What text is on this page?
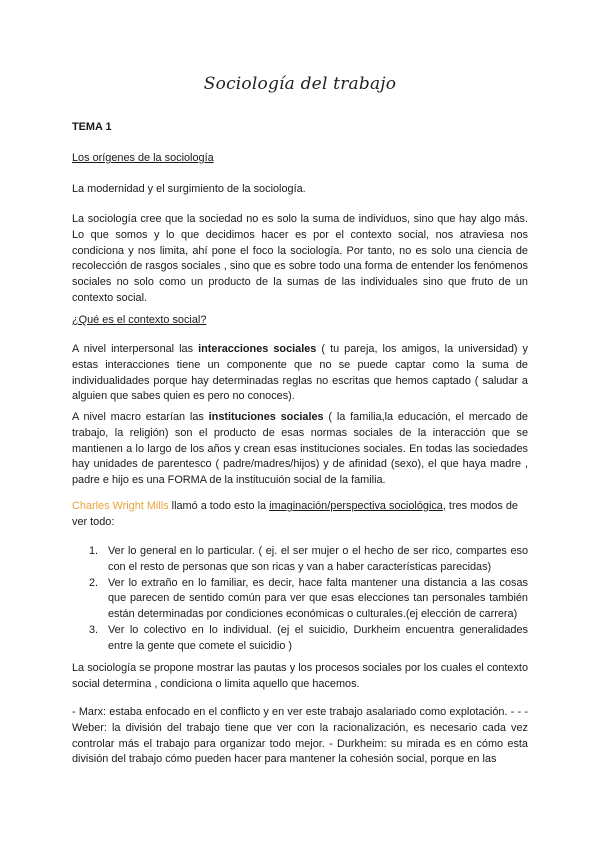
Sociología del trabajo
TEMA 1
Los orígenes de la sociología
La modernidad y el surgimiento de la sociología.
La sociología cree que la sociedad no es solo la suma de individuos, sino que hay algo más. Lo que somos y lo que decidimos hacer es por el contexto social, nos atraviesa nos condiciona y nos limita, ahí pone el foco la sociología. Por tanto, no es solo una ciencia de recolección de rasgos sociales , sino que es sobre todo una forma de entender los fenómenos sociales no solo como un producto de la sumas de las individuales sino que fruto de un contexto social.
¿Qué es el contexto social?
A nivel interpersonal las interacciones sociales ( tu pareja, los amigos, la universidad) y estas interacciones tiene un componente que no se puede captar como la suma de individualidades porque hay determinadas reglas no escritas que hemos captado ( saludar a alguien que sabes quien es pero no conoces).
A nivel macro estarían las instituciones sociales ( la familia,la educación, el mercado de trabajo, la religión) son el producto de esas normas sociales de la interacción que se mantienen a lo largo de los años y crean esas instituciones sociales. En todas las sociedades hay unidades de parentesco ( padre/madres/hijos) y de afinidad (sexo), el que haya madre , padre e hijo es una FORMA de la institucuión social de la familia.
Charles Wright Mills llamó a todo esto la imaginación/perspectiva sociológica, tres modos de ver todo:
1. Ver lo general en lo particular. ( ej. el ser mujer o el hecho de ser rico, compartes eso con el resto de personas que son ricas y van a haber características parecidas)
2. Ver lo extraño en lo familiar, es decir, hace falta mantener una distancia a las cosas que parecen de sentido común para ver que esas elecciones tan personales también están determinadas por condiciones económicas o culturales.(ej elección de carrera)
3. Ver lo colectivo en lo individual. (ej el suicidio, Durkheim encuentra generalidades entre la gente que comete el suicidio )
La sociología se propone mostrar las pautas y los procesos sociales por los cuales el contexto social determina , condiciona o limita aquello que hacemos.
- Marx: estaba enfocado en el conflicto y en ver este trabajo asalariado como explotación. - - - Weber: la división del trabajo tiene que ver con la racionalización, es necesario cada vez controlar más el trabajo para organizar todo mejor. - Durkheim: su mirada es en cómo esta división del trabajo cómo pueden hacer para mantener la cohesión social, porque en las
